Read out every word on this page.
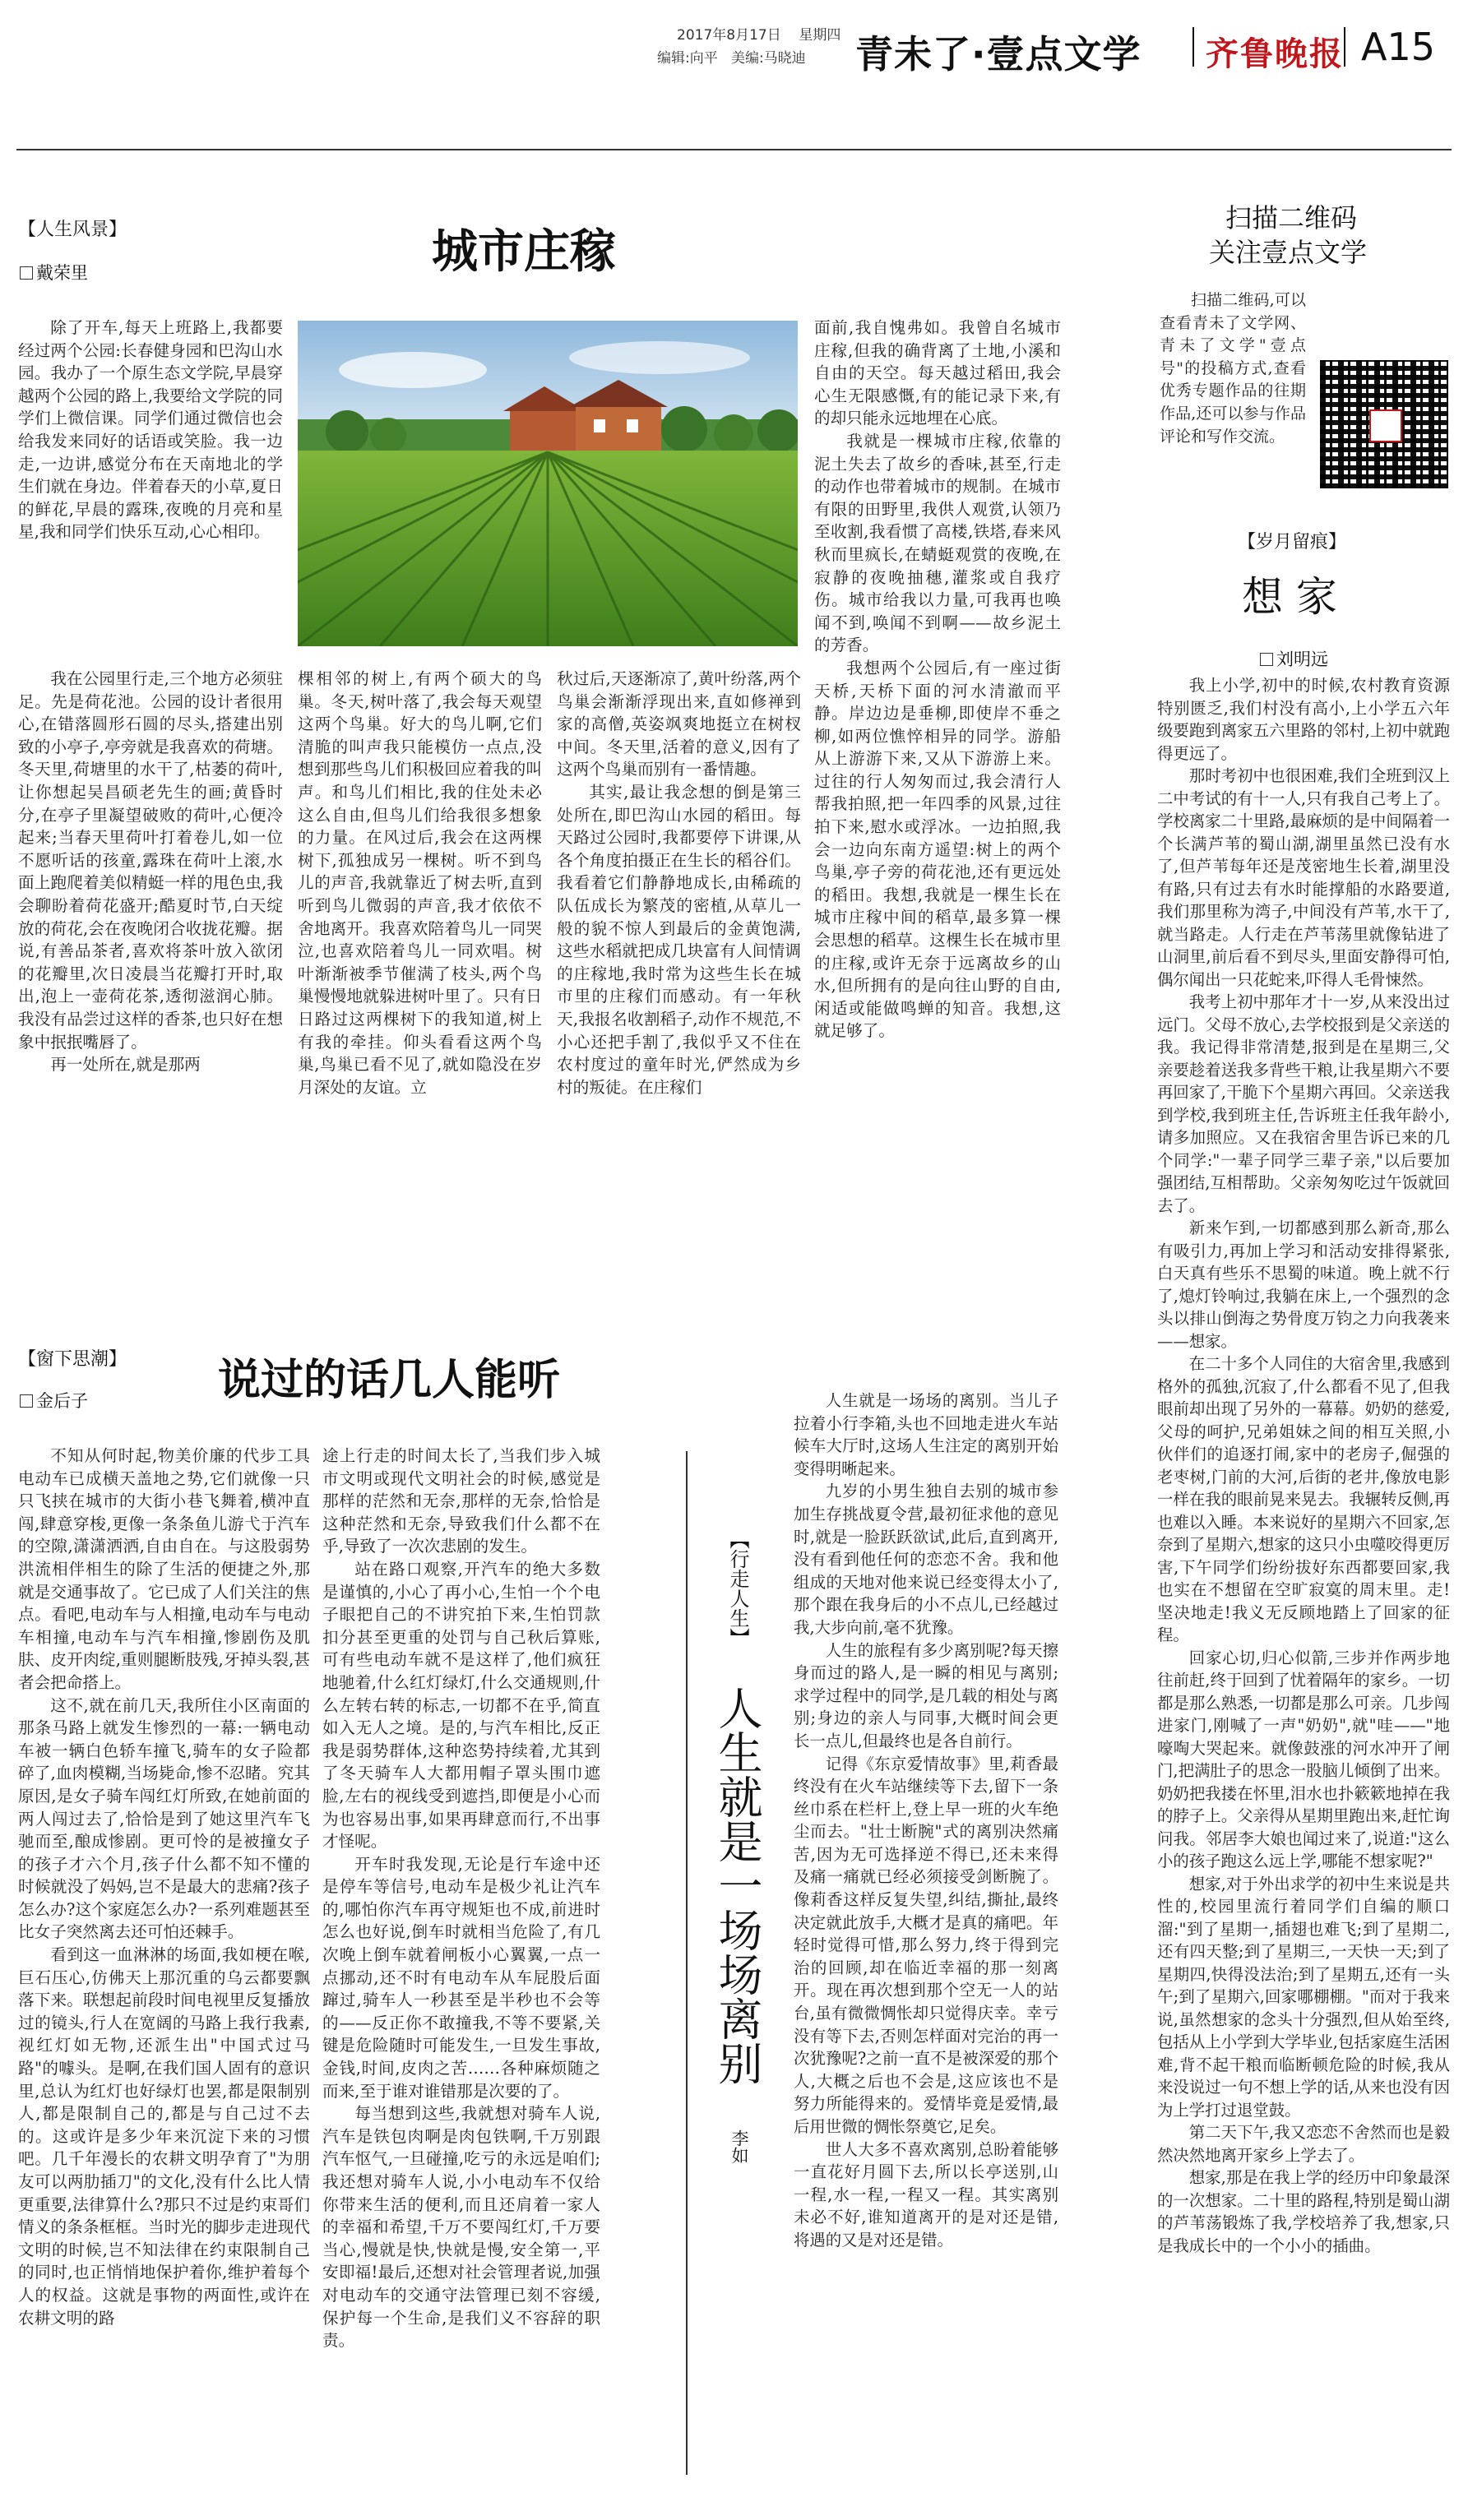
2017年8月17日 星期四
编辑:向平 美编:马晓迪 青未了·壹点文学 齐鲁晚报 A15
【人生风景】
戴荣里	城市庄稼

除了开车,每天上班路上,我都要经过两个公园:长春健身园和巴沟山水园。我办了一个原生态文学院,早晨穿越两个公园的路上,我要给文学院的同学们上微信课。同学们通过微信也会给我发来同好的话语或笑脸。我一边走,一边讲,感觉分布在天南地北的学生们就在身边。伴着春天的小草,夏日的鲜花,早晨的露珠,夜晚的月亮和星星,我和同学们快乐互动,心心相印。

我在公园里行走,三个地方必须驻足。先是荷花池。公园的设计者很用心,在错落圆形石圆的尽头,搭建出别致的小亭子,亭旁就是我喜欢的荷塘。冬天里,荷塘里的水干了,枯萎的荷叶,让你想起吴昌硕老先生的画;黄昏时分,在亭子里凝望破败的荷叶,心便冷起来;当春天里荷叶打着卷儿,如一位不愿听话的孩童,露珠在荷叶上滚,水面上跑爬着美似精蜓一样的甩色虫,我会聊盼着荷花盛开;酷夏时节,白天绽放的荷花,会在夜晚闭合收拢花瓣。据说,有善品茶者,喜欢将茶叶放入欲闭的花瓣里,次日凌晨当花瓣打开时,取出,泡上一壶荷花茶,透彻滋润心肺。我没有品尝过这样的香茶,也只好在想象中抿抿嘴唇了。

再一处所在,就是那两

棵相邻的树上,有两个硕大的鸟巢。冬天,树叶落了,我会每天观望这两个鸟巢。好大的鸟儿啊,它们清脆的叫声我只能模仿一点点,没想到那些鸟儿们积极回应着我的叫声。和鸟儿们相比,我的住处未必这么自由,但鸟儿们给我很多想象的力量。在风过后,我会在这两棵树下,孤独成另一棵树。听不到鸟儿的声音,我就靠近了树去听,直到听到鸟儿微弱的声音,我才依依不舍地离开。我喜欢陪着鸟儿一同哭泣,也喜欢陪着鸟儿一同欢唱。树叶渐渐被季节催满了枝头,两个鸟巢慢慢地就躲进树叶里了。只有日日路过这两棵树下的我知道,树上有我的牵挂。仰头看看这两个鸟巢,鸟巢已看不见了,就如隐没在岁月深处的友谊。立

秋过后,天逐渐凉了,黄叶纷落,两个鸟巢会渐渐浮现出来,直如修禅到家的高僧,英姿飒爽地挺立在树杈中间。冬天里,活着的意义,因有了这两个鸟巢而别有一番情趣。

其实,最让我念想的倒是第三处所在,即巴沟山水园的稻田。每天路过公园时,我都要停下讲课,从各个角度拍摄正在生长的稻谷们。我看着它们静静地成长,由稀疏的队伍成长为繁茂的密植,从草儿一般的貌不惊人到最后的金黄饱满,这些水稻就把成几块富有人间情调的庄稼地,我时常为这些生长在城市里的庄稼们而感动。有一年秋天,我报名收割稻子,动作不规范,不小心还把手割了,我似乎又不住在农村度过的童年时光,俨然成为乡村的叛徒。在庄稼们

面前,我自愧弗如。我曾自名城市庄稼,但我的确背离了土地,小溪和自由的天空。每天越过稻田,我会心生无限感慨,有的能记录下来,有的却只能永远地埋在心底。

我就是一棵城市庄稼,依靠的泥土失去了故乡的香味,甚至,行走的动作也带着城市的规制。在城市有限的田野里,我供人观赏,认领乃至收割,我看惯了高楼,铁塔,春来风秋而里疯长,在蜻蜓观赏的夜晚,在寂静的夜晚抽穗,灌浆或自我疗伤。城市给我以力量,可我再也唤闻不到,唤闻不到啊——故乡泥土的芳香。

我想两个公园后,有一座过街天桥,天桥下面的河水清澈而平静。岸边边是垂柳,即使岸不垂之柳,如两位憔悴相异的同学。游船从上游游下来,又从下游游上来。过往的行人匆匆而过,我会清行人帮我拍照,把一年四季的风景,过往拍下来,慰水或浮冰。一边拍照,我会一边向东南方遥望:树上的两个鸟巢,亭子旁的荷花池,还有更远处的稻田。我想,我就是一棵生长在城市庄稼中间的稻草,最多算一棵会思想的稻草。这棵生长在城市里的庄稼,或许无奈于远离故乡的山水,但所拥有的是向往山野的自由,闲适或能做鸣蝉的知音。我想,这就足够了。

扫描二维码
关注壹点文学

扫描二维码,可以查看青未了文学网、青未了文学"壹点号"的投稿方式,查看优秀专题作品的往期作品,还可以参与作品评论和写作交流。

【岁月留痕】
想 家
刘明远

我上小学,初中的时候,农村教育资源特别匮乏,我们村没有高小,上小学五六年级要跑到离家五六里路的邻村,上初中就跑得更远了。

那时考初中也很困难,我们全班到汉上二中考试的有十一人,只有我自己考上了。学校离家二十里路,最麻烦的是中间隔着一个长满芦苇的蜀山湖,湖里虽然已没有水了,但芦苇每年还是茂密地生长着,湖里没有路,只有过去有水时能撑船的水路要道,我们那里称为湾子,中间没有芦苇,水干了,就当路走。人行走在芦苇荡里就像钻进了山洞里,前后看不到尽头,里面安静得可怕,偶尔闻出一只花蛇来,吓得人毛骨悚然。

我考上初中那年才十一岁,从来没出过远门。父母不放心,去学校报到是父亲送的我。我记得非常清楚,报到是在星期三,父亲要趁着送我多背些干粮,让我星期六不要再回家了,干脆下个星期六再回。父亲送我到学校,我到班主任,告诉班主任我年龄小,请多加照应。又在我宿舍里告诉已来的几个同学:"一辈子同学三辈子亲,"以后要加强团结,互相帮助。父亲匆匆吃过午饭就回去了。

新来乍到,一切都感到那么新奇,那么有吸引力,再加上学习和活动安排得紧张,白天真有些乐不思蜀的味道。晚上就不行了,熄灯铃响过,我躺在床上,一个强烈的念头以排山倒海之势骨度万钧之力向我袭来——想家。

在二十多个人同住的大宿舍里,我感到格外的孤独,沉寂了,什么都看不见了,但我眼前却出现了另外的一幕幕。奶奶的慈爱,父母的呵护,兄弟姐妹之间的相互关照,小伙伴们的追逐打闹,家中的老房子,倔强的老枣树,门前的大河,后街的老井,像放电影一样在我的眼前晃来晃去。我辗转反侧,再也难以入睡。本来说好的星期六不回家,怎奈到了星期六,想家的这只小虫噬咬得更厉害,下午同学们纷纷拔好东西都要回家,我也实在不想留在空旷寂寞的周末里。走!坚决地走!我义无反顾地踏上了回家的征程。

回家心切,归心似箭,三步并作两步地往前赶,终于回到了忧着隔年的家乡。一切都是那么熟悉,一切都是那么可亲。几步闯进家门,刚喊了一声"奶奶",就"哇——"地嚎啕大哭起来。就像鼓涨的河水冲开了闸门,把满肚子的思念一股脑儿倾倒了出来。奶奶把我搂在怀里,泪水也扑簌簌地掉在我的脖子上。父亲得从星期里跑出来,赶忙询问我。邻居李大娘也闻过来了,说道:"这么小的孩子跑这么远上学,哪能不想家呢?"

想家,对于外出求学的初中生来说是共性的,校园里流行着同学们自编的顺口溜:"到了星期一,插翅也难飞;到了星期二,还有四天整;到了星期三,一天快一天;到了星期四,快得没法治;到了星期五,还有一头午;到了星期六,回家哪棚棚。"而对于我来说,虽然想家的念头十分强烈,但从始至终,包括从上小学到大学毕业,包括家庭生活困难,背不起干粮而临断顿危险的时候,我从来没说过一句不想上学的话,从来也没有因为上学打过退堂鼓。

第二天下午,我又恋恋不舍然而也是毅然决然地离开家乡上学去了。

想家,那是在我上学的经历中印象最深的一次想家。二十里的路程,特别是蜀山湖的芦苇荡锻炼了我,学校培养了我,想家,只是我成长中的一个小小的插曲。

【窗下思潮】
金后子	说过的话几人能听

不知从何时起,物美价廉的代步工具电动车已成横天盖地之势,它们就像一只只飞挟在城市的大街小巷飞舞着,横冲直闯,肆意穿梭,更像一条条鱼儿游弋于汽车的空隙,潇潇洒洒,自由自在。与这股弱势洪流相伴相生的除了生活的便捷之外,那就是交通事故了。它已成了人们关注的焦点。看吧,电动车与人相撞,电动车与电动车相撞,电动车与汽车相撞,惨剧伤及肌肤、皮开肉绽,重则腿断肢残,牙掉头裂,甚者会把命搭上。

这不,就在前几天,我所住小区南面的那条马路上就发生惨烈的一幕:一辆电动车被一辆白色轿车撞飞,骑车的女子险都碎了,血肉模糊,当场毙命,惨不忍睹。究其原因,是女子骑车闯红灯所致,在她前面的两人闯过去了,恰恰是到了她这里汽车飞驰而至,酿成惨剧。更可怜的是被撞女子的孩子才六个月,孩子什么都不知不懂的时候就没了妈妈,岂不是最大的悲痛?孩子怎么办?这个家庭怎么办?一系列难题甚至比女子突然离去还可怕还棘手。

看到这一血淋淋的场面,我如梗在喉,巨石压心,仿佛天上那沉重的乌云都要飘落下来。联想起前段时间电视里反复播放过的镜头,行人在宽阔的马路上我行我素,视红灯如无物,还派生出"中国式过马路"的噱头。是啊,在我们国人固有的意识里,总认为红灯也好绿灯也罢,都是限制别人,都是限制自己的,都是与自己过不去的。这或许是多少年来沉淀下来的习惯吧。几千年漫长的农耕文明孕育了"为朋友可以两肋插刀"的文化,没有什么比人情更重要,法律算什么?那只不过是约束哥们情义的条条框框。当时光的脚步走进现代文明的时候,岂不知法律在约束限制自己的同时,也正悄悄地保护着你,维护着每个人的权益。这就是事物的两面性,或许在农耕文明的路

途上行走的时间太长了,当我们步入城市文明或现代文明社会的时候,感觉是那样的茫然和无奈,那样的无奈,恰恰是这种茫然和无奈,导致我们什么都不在乎,导致了一次次悲剧的发生。

站在路口观察,开汽车的绝大多数是谨慎的,小心了再小心,生怕一个个电子眼把自己的不讲究拍下来,生怕罚款扣分甚至更重的处罚与自己秋后算账,可有些电动车就不是这样了,他们疯狂地驰着,什么红灯绿灯,什么交通规则,什么左转右转的标志,一切都不在乎,简直如入无人之境。是的,与汽车相比,反正我是弱势群体,这种恣势持续着,尤其到了冬天骑车人大都用帽子罩头围巾遮脸,左右的视线受到遮挡,即便是小心而为也容易出事,如果再肆意而行,不出事才怪呢。

开车时我发现,无论是行车途中还是停车等信号,电动车是极少礼让汽车的,哪怕你汽车再守规矩也不成,前进时怎么也好说,倒车时就相当危险了,有几次晚上倒车就着闸板小心翼翼,一点一点挪动,还不时有电动车从车屁股后面蹿过,骑车人一秒甚至是半秒也不会等的——反正你不敢撞我,不等不要紧,关键是危险随时可能发生,一旦发生事故,金钱,时间,皮肉之苦……各种麻烦随之而来,至于谁对谁错那是次要的了。

每当想到这些,我就想对骑车人说,汽车是铁包肉啊是肉包铁啊,千万别跟汽车怄气,一旦碰撞,吃亏的永远是咱们;我还想对骑车人说,小小电动车不仅给你带来生活的便利,而且还肩着一家人的幸福和希望,千万不要闯红灯,千万要当心,慢就是快,快就是慢,安全第一,平安即福!最后,还想对社会管理者说,加强对电动车的交通守法管理已刻不容缓,保护每一个生命,是我们义不容辞的职责。

【行走人生】
人生就是一场场离别
李如

人生就是一场场的离别。当儿子拉着小行李箱,头也不回地走进火车站候车大厅时,这场人生注定的离别开始变得明晰起来。

九岁的小男生独自去别的城市参加生存挑战夏令营,最初征求他的意见时,就是一脸跃跃欲试,此后,直到离开,没有看到他任何的恋恋不舍。我和他组成的天地对他来说已经变得太小了,那个跟在我身后的小不点儿,已经越过我,大步向前,毫不犹豫。

人生的旅程有多少离别呢?每天擦身而过的路人,是一瞬的相见与离别;求学过程中的同学,是几载的相处与离别;身边的亲人与同事,大概时间会更长一点儿,但最终也是各自前行。

记得《东京爱情故事》里,莉香最终没有在火车站继续等下去,留下一条丝巾系在栏杆上,登上早一班的火车绝尘而去。"壮士断腕"式的离别决然痛苦,因为无可选择逆不得已,还未来得及痛一痛就已经必须接受剑断腕了。像莉香这样反复失望,纠结,撕扯,最终决定就此放手,大概才是真的痛吧。年轻时觉得可惜,那么努力,终于得到完治的回顾,却在临近幸福的那一刻离开。现在再次想到那个空无一人的站台,虽有微微惆怅却只觉得庆幸。幸亏没有等下去,否则怎样面对完治的再一次犹豫呢?之前一直不是被深爱的那个人,大概之后也不会是,这应该也不是努力所能得来的。爱情毕竟是爱情,最后用世微的惆怅祭奠它,足矣。

世人大多不喜欢离别,总盼着能够一直花好月圆下去,所以长亭送别,山一程,水一程,一程又一程。其实离别未必不好,谁知道离开的是对还是错,将遇的又是对还是错。
